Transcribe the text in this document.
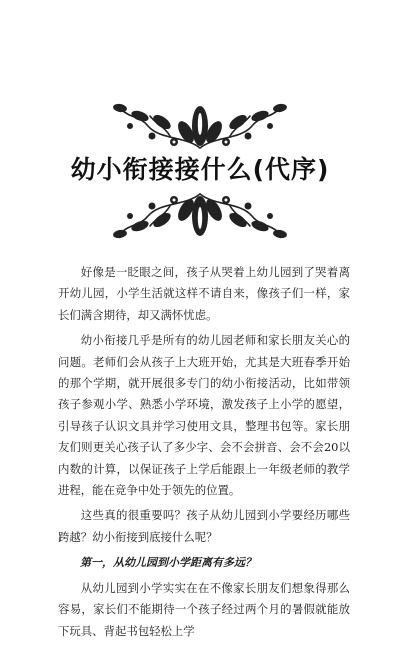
幼小衔接接什么(代序)

好像是一眨眼之间，孩子从哭着上幼儿园到了哭着离开幼儿园，小学生活就这样不请自来，像孩子们一样，家长们满含期待，却又满怀忧虑。

幼小衔接几乎是所有的幼儿园老师和家长朋友关心的问题。老师们会从孩子上大班开始，尤其是大班春季开始的那个学期，就开展很多专门的幼小衔接活动，比如带领孩子参观小学、熟悉小学环境，激发孩子上小学的愿望，引导孩子认识文具并学习使用文具，整理书包等。家长朋友们则更关心孩子认了多少字、会不会拼音、会不会20以内数的计算，以保证孩子上学后能跟上一年级老师的教学进程，能在竞争中处于领先的位置。

这些真的很重要吗？孩子从幼儿园到小学要经历哪些跨越？幼小衔接到底接什么呢？

第一，从幼儿园到小学距离有多远？

从幼儿园到小学实实在在不像家长朋友们想象得那么容易，家长们不能期待一个孩子经过两个月的暑假就能放下玩具、背起书包轻松上学
